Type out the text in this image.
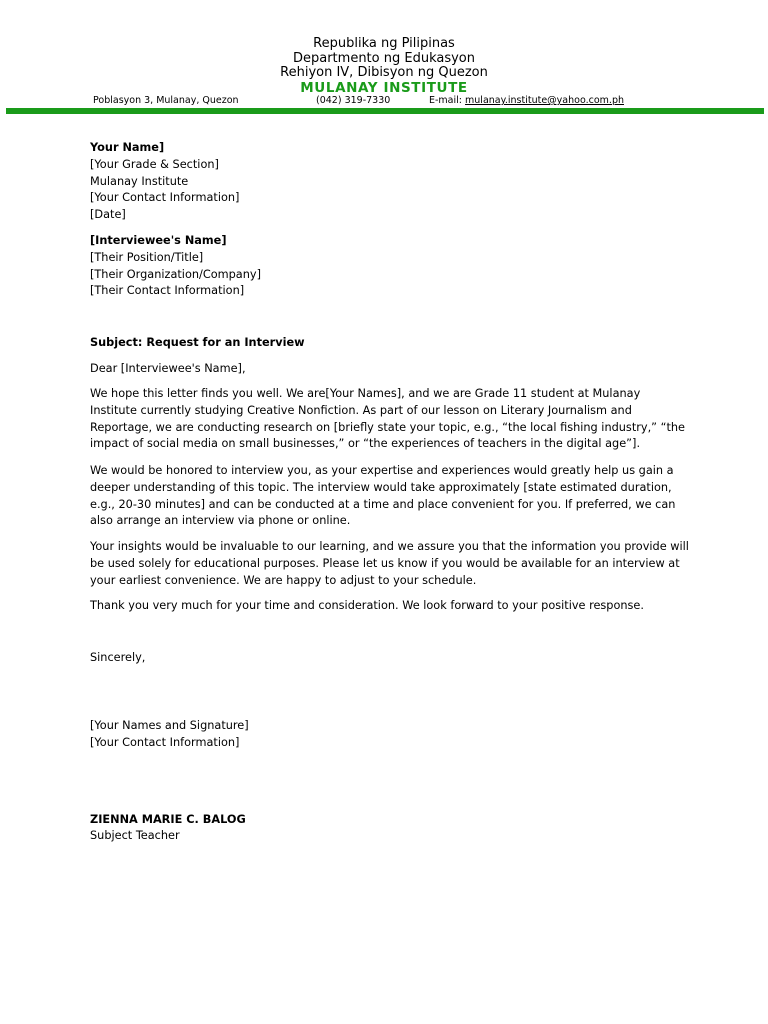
Republika ng Pilipinas
Departmento ng Edukasyon
Rehiyon IV, Dibisyon ng Quezon
MULANAY INSTITUTE
Poblasyon 3, Mulanay, Quezon	(042) 319-7330	E-mail: mulanay.institute@yahoo.com.ph

Your Name]

[Your Grade & Section]

Mulanay Institute

[Your Contact Information]

[Date]

[Interviewee's Name]

[Their Position/Title]

[Their Organization/Company]

[Their Contact Information]

Subject: Request for an Interview
Dear [Interviewee's Name],
We hope this letter finds you well. We are[Your Names], and we are Grade 11 student at Mulanay Institute currently studying Creative Nonfiction. As part of our lesson on Literary Journalism and Reportage, we are conducting research on [briefly state your topic, e.g., “the local fishing industry,” “the impact of social media on small businesses,” or “the experiences of teachers in the digital age”].
We would be honored to interview you, as your expertise and experiences would greatly help us gain a deeper understanding of this topic. The interview would take approximately [state estimated duration, e.g., 20-30 minutes] and can be conducted at a time and place convenient for you. If preferred, we can also arrange an interview via phone or online.
Your insights would be invaluable to our learning, and we assure you that the information you provide will be used solely for educational purposes. Please let us know if you would be available for an interview at your earliest convenience. We are happy to adjust to your schedule.
Thank you very much for your time and consideration. We look forward to your positive response.
Sincerely,

[Your Names and Signature]

[Your Contact Information]

ZIENNA MARIE C. BALOG

Subject Teacher
